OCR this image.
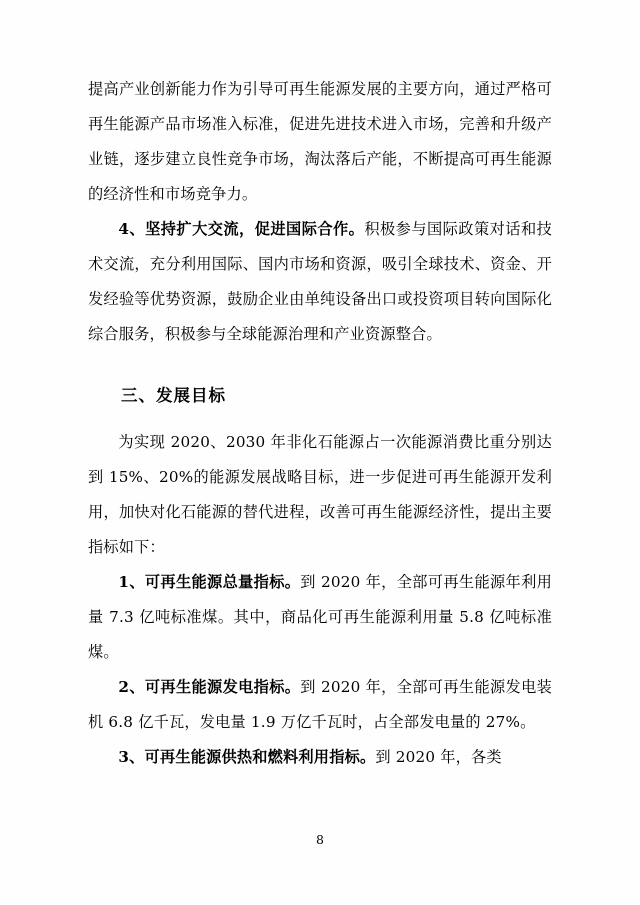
提高产业创新能力作为引导可再生能源发展的主要方向，通过严格可再生能源产品市场准入标准，促进先进技术进入市场，完善和升级产业链，逐步建立良性竞争市场，淘汰落后产能，不断提高可再生能源的经济性和市场竞争力。

4、坚持扩大交流，促进国际合作。积极参与国际政策对话和技术交流，充分利用国际、国内市场和资源，吸引全球技术、资金、开发经验等优势资源，鼓励企业由单纯设备出口或投资项目转向国际化综合服务，积极参与全球能源治理和产业资源整合。

三、发展目标

为实现 2020、2030 年非化石能源占一次能源消费比重分别达到 15%、20%的能源发展战略目标，进一步促进可再生能源开发利用，加快对化石能源的替代进程，改善可再生能源经济性，提出主要指标如下：

1、可再生能源总量指标。到 2020 年，全部可再生能源年利用量 7.3 亿吨标准煤。其中，商品化可再生能源利用量 5.8 亿吨标准煤。

2、可再生能源发电指标。到 2020 年，全部可再生能源发电装机 6.8 亿千瓦，发电量 1.9 万亿千瓦时，占全部发电量的 27%。

3、可再生能源供热和燃料利用指标。到 2020 年，各类

8
